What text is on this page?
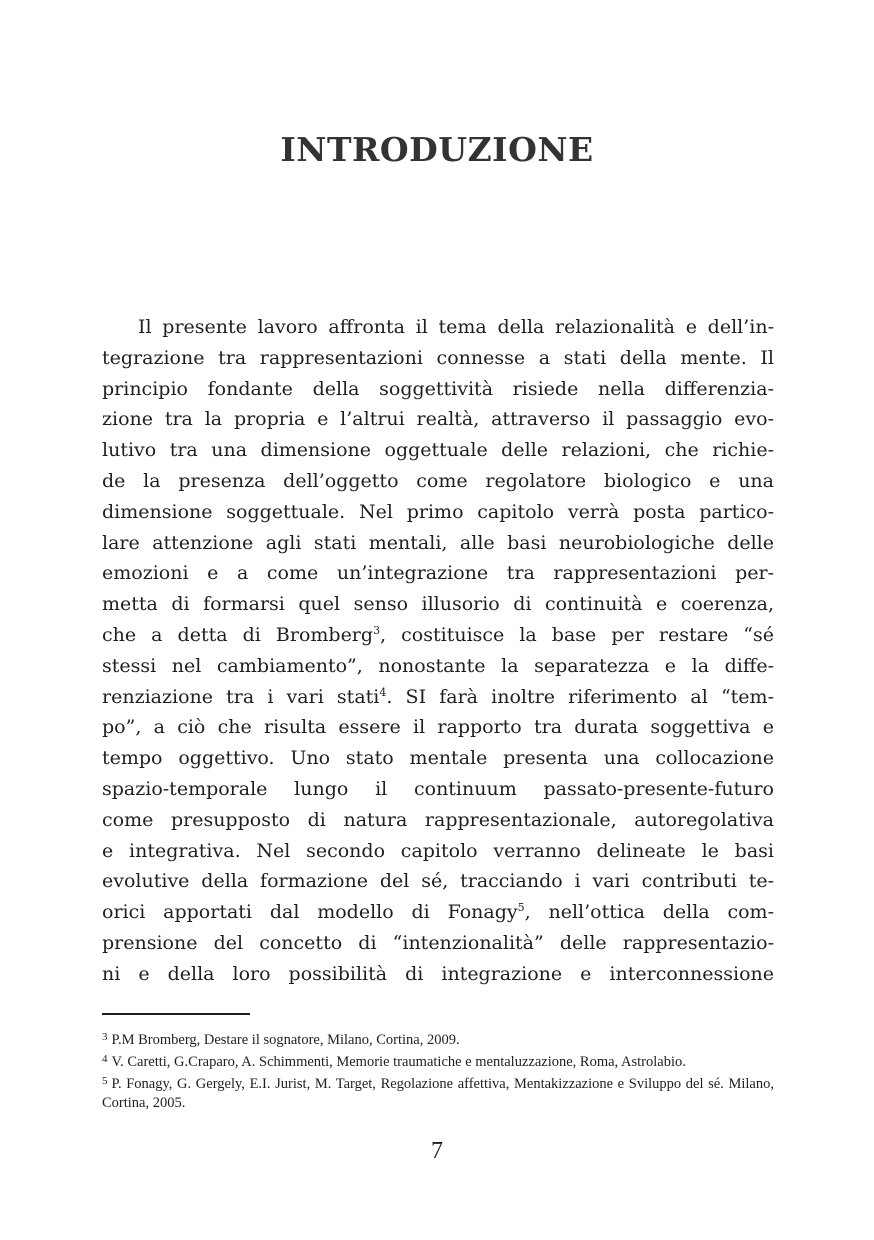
INTRODUZIONE
Il presente lavoro affronta il tema della relazionalità e dell’in-
tegrazione tra rappresentazioni connesse a stati della mente. Il
principio fondante della soggettività risiede nella differenzia-
zione tra la propria e l’altrui realtà, attraverso il passaggio evo-
lutivo tra una dimensione oggettuale delle relazioni, che richie-
de la presenza dell’oggetto come regolatore biologico e una
dimensione soggettuale. Nel primo capitolo verrà posta partico-
lare attenzione agli stati mentali, alle basi neurobiologiche delle
emozioni e a come un’integrazione tra rappresentazioni per-
metta di formarsi quel senso illusorio di continuità e coerenza,
che a detta di Bromberg$^3$, costituisce la base per restare “sé
stessi nel cambiamento”, nonostante la separatezza e la diffe-
renziazione tra i vari stati$^4$. SI farà inoltre riferimento al “tem-
po”, a ciò che risulta essere il rapporto tra durata soggettiva e
tempo oggettivo. Uno stato mentale presenta una collocazione
spazio-temporale lungo il continuum passato-presente-futuro
come presupposto di natura rappresentazionale, autoregolativa
e integrativa. Nel secondo capitolo verranno delineate le basi
evolutive della formazione del sé, tracciando i vari contributi te-
orici apportati dal modello di Fonagy$^5$, nell’ottica della com-
prensione del concetto di “intenzionalità” delle rappresentazio-
ni e della loro possibilità di integrazione e interconnessione
$^3$ P.M Bromberg, Destare il sognatore, Milano, Cortina, 2009.
$^4$ V. Caretti, G.Craparo, A. Schimmenti, Memorie traumatiche e mentaluzzazione, Roma, Astrolabio.
$^5$ P. Fonagy, G. Gergely, E.I. Jurist, M. Target, Regolazione affettiva, Mentakizzazione e Sviluppo del sé. Milano, Cortina, 2005.
7
